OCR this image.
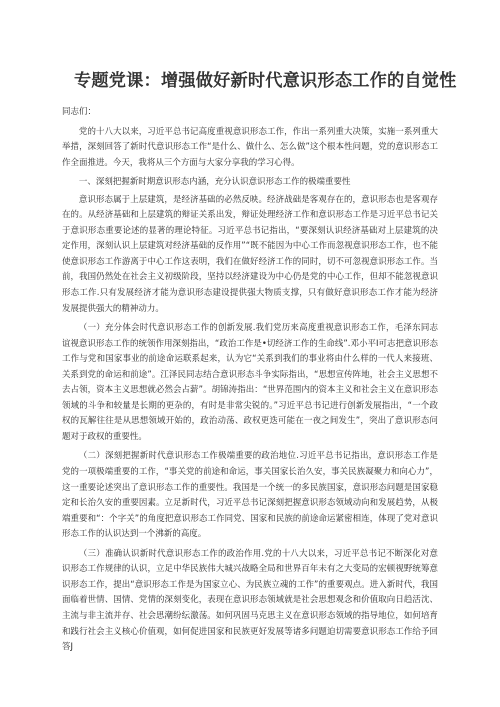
专题党课：增强做好新时代意识形态工作的自觉性

同志们：

党的十八大以来，习近平总书记高度重视意识形态工作，作出一系列重大决策，实施一系列重大举措，深刻回答了新时代意识形态工作“是什么、做什么、怎么做”这个根本性问题，党的意识形态工作全面推进。今天，我将从三个方面与大家分享我的学习心得。

一、深刻把握新时期意识形态内涵，充分认识意识形态工作的极端重要性

意识形态属于上层建筑，是经济基础的必然反映。经济战础是客观存在的，意识形态也是客观存在的。从经济基础和上层建筑的辩证关系出发，辩证处理经济工作和意识形态工作是习近平总书记关于意识形态重要论述的显著的理论特征。习近平总书记指出，“要深刻认识经济基础对上层建筑的决定作用，深刻认识上层建筑对经济基础的反作用”“既不能因为中心工作而忽视意识形态工作，也不能使意识形态工作游离于中心工作这表明，我们在做好经济工作的同时，切不可忽视意识形态工作。当前，我国仍然处在社会主义初级阶段，坚持以经济建设为中心仍是党的中心工作，但却不能忽视意识形态工作.只有发展经济才能为意识形态建设提供强大物质支撑，只有做好意识形态工作才能为经济发展提供强大的精神动力。

（一）充分体会时代意识形态工作的创新发展.我们党历来高度重视意识形态工作，毛泽东同志谊视意识形态工作的统领作用深刻指出，“政治工作是•切经济工作的生命线”.邓小平I可志把意识形态工作与党和国家事业的前途命运联系起来，认为它“关系到我们的事业将由什么样的一代人来接班、关系到党的命运和前途”。江泽民同志结合意识形态斗争实际指出，“思想宣传阵地，社会主义思想不去占领，资本主义思想就必然会占薪”。胡锦涛指出：“世界范围内的资本主义和社会主义在意识形态领域的斗争和较量是长期的更杂的，有时是非常尖锐的。”习近平总书记进行创新发展指出，“一个政权的瓦解往往是从思想领域开始的，政治动荡、政权更迭可能在一夜之间发生”，突出了意识形态问题对于政权的重要性。

（二）深刻把握新时代意识形态工作极端重要的政治地位.习近平总书记指出，意识形态工作是党的一项极端重要的工作，“事关党的前途和命运，事关国家长治久安，事关民族凝聚力和向心力”，这一重要论述突出了意识形态工作的重要性。我国是一个统一的多民族国家，意识形态问题是国家稳定和长治久安的重要因素。立足新时代，习近平总书记深刻把握意识形态领域动向和发展趋势，从极端重要和“：个字关”的角度把意识形态工作同党、国家和民族的前途命运紧密相连，体现了党对意识形态工作的认识达到一个沸新的高度。

（三）准确认识新时代意识形态工作的政治作用.党的十八大以来，习近平总书记不断深化对意识形态工作规律的认识，立足中华民族伟大城兴战略全局和世界百年未有之大变局的宏顿视野统筹意识形态工作，提出“意识形态工作是为国家立心、为民族立魂的工作”的重要观点。进入新时代，我国面临着世情、国情、党情的深刻变化，表现在意识形态领域就是社会思想观念和价值取向日趋活沈、主流与非主流并存、社会思潮纷纭激荡。如何巩固马克思主义在意识形态领域的指导地位，如何培育和践行社会主义核心价值观，如何促进国家和民族更好发展等诸多问题迫切需要意识形态工作给予回答J
